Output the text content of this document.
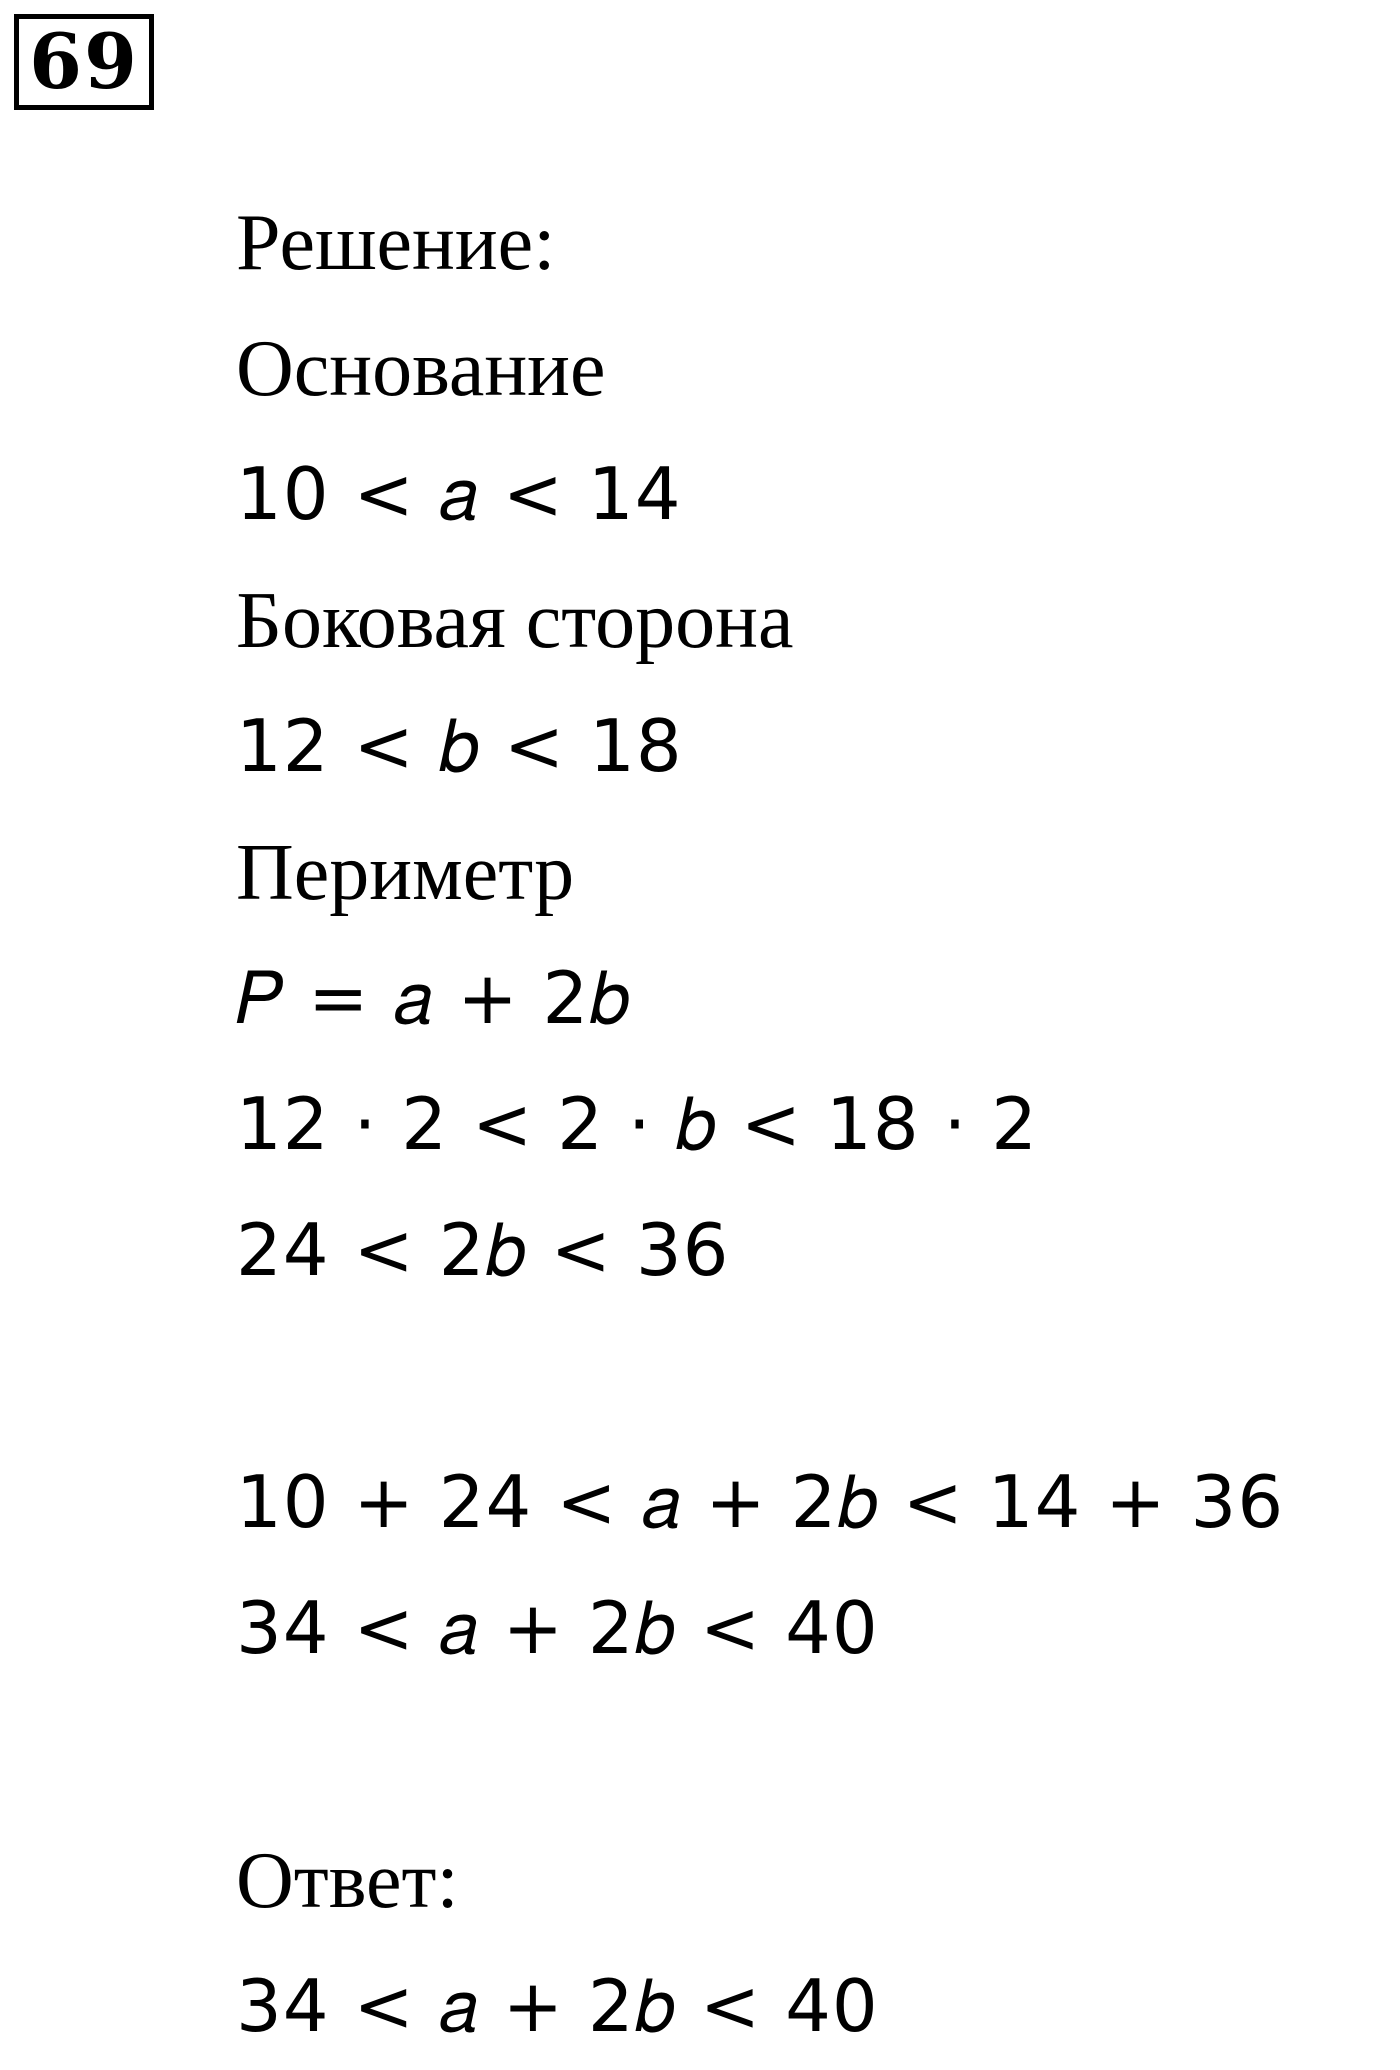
69
Решение:
Основание
10 < 𝑎 < 14
Боковая сторона
12 < 𝑏 < 18
Периметр
𝑃 = 𝑎 + 2𝑏
12 · 2 < 2 · 𝑏 < 18 · 2
24 < 2𝑏 < 36
10 + 24 < 𝑎 + 2𝑏 < 14 + 36
34 < 𝑎 + 2𝑏 < 40
Ответ:
34 < 𝑎 + 2𝑏 < 40
